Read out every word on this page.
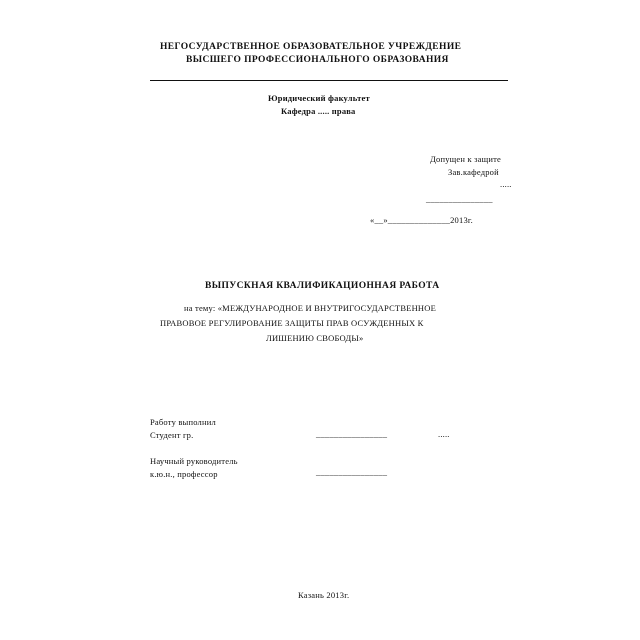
НЕГОСУДАРСТВЕННОЕ ОБРАЗОВАТЕЛЬНОЕ УЧРЕЖДЕНИЕ
ВЫСШЕГО ПРОФЕССИОНАЛЬНОГО ОБРАЗОВАНИЯ
Юридический факультет
Кафедра ..... права
Допущен к защите
Зав.кафедрой
.....
_______________
«__»______________2013г.
ВЫПУСКНАЯ КВАЛИФИКАЦИОННАЯ РАБОТА
на тему: «МЕЖДУНАРОДНОЕ И ВНУТРИГОСУДАРСТВЕННОЕ
ПРАВОВОЕ РЕГУЛИРОВАНИЕ ЗАЩИТЫ ПРАВ ОСУЖДЕННЫХ К
ЛИШЕНИЮ СВОБОДЫ»
Работу выполнил
Студент гр.	________________	.....
Научный руководитель
к.ю.н., профессор	________________
Казань 2013г.
